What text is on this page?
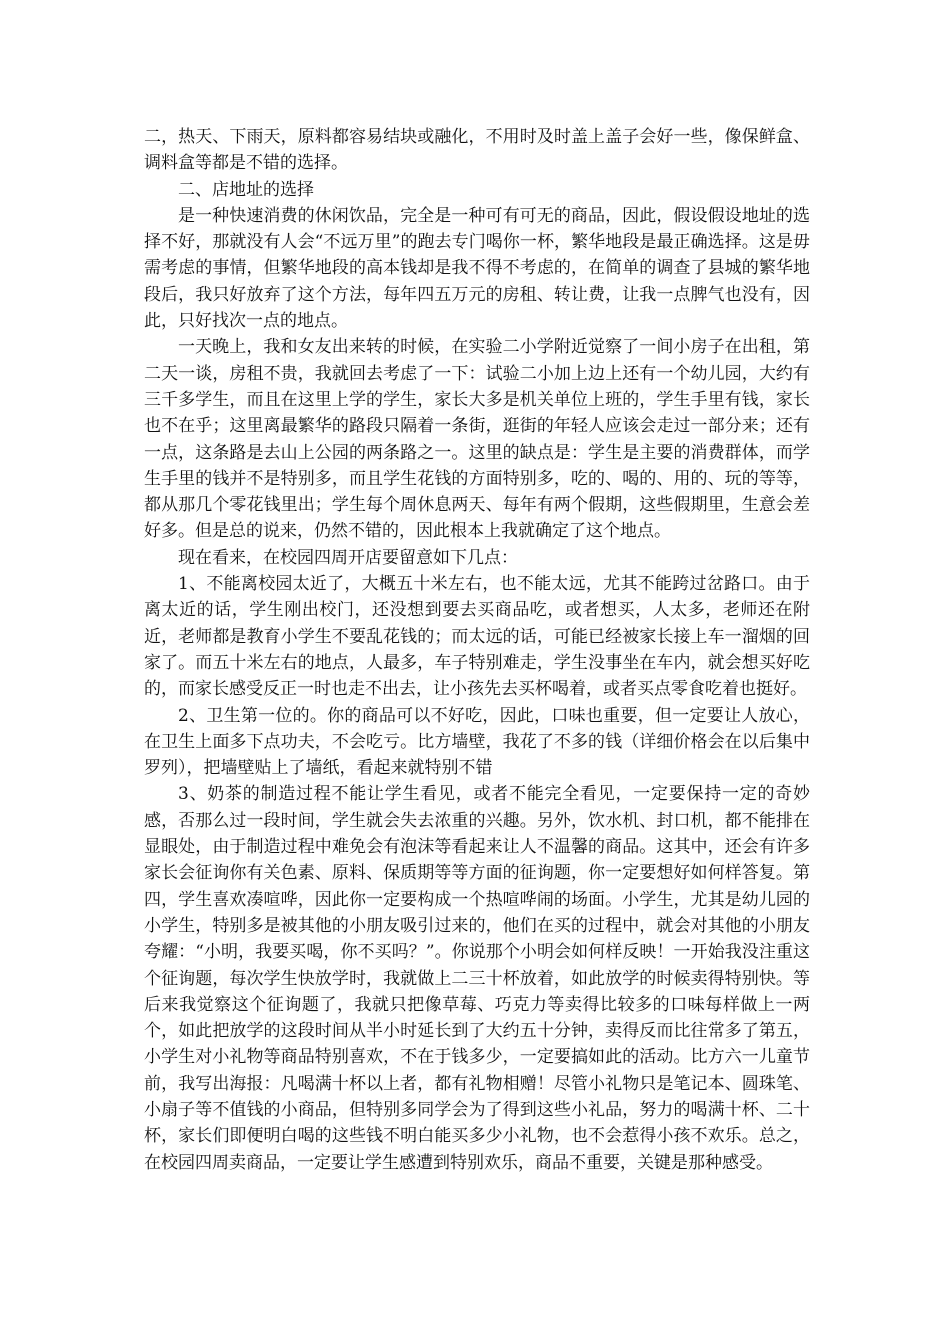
二，热天、下雨天，原料都容易结块或融化，不用时及时盖上盖子会好一些，像保鲜盒、调料盒等都是不错的选择。

二、店地址的选择

是一种快速消费的休闲饮品，完全是一种可有可无的商品，因此，假设假设地址的选择不好，那就没有人会“不远万里”的跑去专门喝你一杯，繁华地段是最正确选择。这是毋需考虑的事情，但繁华地段的高本钱却是我不得不考虑的，在简单的调查了县城的繁华地段后，我只好放弃了这个方法，每年四五万元的房租、转让费，让我一点脾气也没有，因此，只好找次一点的地点。

一天晚上，我和女友出来转的时候，在实验二小学附近觉察了一间小房子在出租，第二天一谈，房租不贵，我就回去考虑了一下：试验二小加上边上还有一个幼儿园，大约有三千多学生，而且在这里上学的学生，家长大多是机关单位上班的，学生手里有钱，家长也不在乎；这里离最繁华的路段只隔着一条街，逛街的年轻人应该会走过一部分来；还有一点，这条路是去山上公园的两条路之一。这里的缺点是：学生是主要的消费群体，而学生手里的钱并不是特别多，而且学生花钱的方面特别多，吃的、喝的、用的、玩的等等，都从那几个零花钱里出；学生每个周休息两天、每年有两个假期，这些假期里，生意会差好多。但是总的说来，仍然不错的，因此根本上我就确定了这个地点。

现在看来，在校园四周开店要留意如下几点：

1、不能离校园太近了，大概五十米左右，也不能太远，尤其不能跨过岔路口。由于离太近的话，学生刚出校门，还没想到要去买商品吃，或者想买，人太多，老师还在附近，老师都是教育小学生不要乱花钱的；而太远的话，可能已经被家长接上车一溜烟的回家了。而五十米左右的地点，人最多，车子特别难走，学生没事坐在车内，就会想买好吃的，而家长感受反正一时也走不出去，让小孩先去买杯喝着，或者买点零食吃着也挺好。

2、卫生第一位的。你的商品可以不好吃，因此，口味也重要，但一定要让人放心，在卫生上面多下点功夫，不会吃亏。比方墙壁，我花了不多的钱（详细价格会在以后集中罗列），把墙壁贴上了墙纸，看起来就特别不错

3、奶茶的制造过程不能让学生看见，或者不能完全看见，一定要保持一定的奇妙感，否那么过一段时间，学生就会失去浓重的兴趣。另外，饮水机、封口机，都不能排在显眼处，由于制造过程中难免会有泡沫等看起来让人不温馨的商品。这其中，还会有许多家长会征询你有关色素、原料、保质期等等方面的征询题，你一定要想好如何样答复。第四，学生喜欢凑喧哗，因此你一定要构成一个热喧哗闹的场面。小学生，尤其是幼儿园的小学生，特别多是被其他的小朋友吸引过来的，他们在买的过程中，就会对其他的小朋友夸耀：“小明，我要买喝，你不买吗？”。你说那个小明会如何样反映！一开始我没注重这个征询题，每次学生快放学时，我就做上二三十杯放着，如此放学的时候卖得特别快。等后来我觉察这个征询题了，我就只把像草莓、巧克力等卖得比较多的口味每样做上一两个，如此把放学的这段时间从半小时延长到了大约五十分钟，卖得反而比往常多了第五，小学生对小礼物等商品特别喜欢，不在于钱多少，一定要搞如此的活动。比方六一儿童节前，我写出海报：凡喝满十杯以上者，都有礼物相赠！尽管小礼物只是笔记本、圆珠笔、小扇子等不值钱的小商品，但特别多同学会为了得到这些小礼品，努力的喝满十杯、二十杯，家长们即便明白喝的这些钱不明白能买多少小礼物，也不会惹得小孩不欢乐。总之，在校园四周卖商品，一定要让学生感遭到特别欢乐，商品不重要，关键是那种感受。
